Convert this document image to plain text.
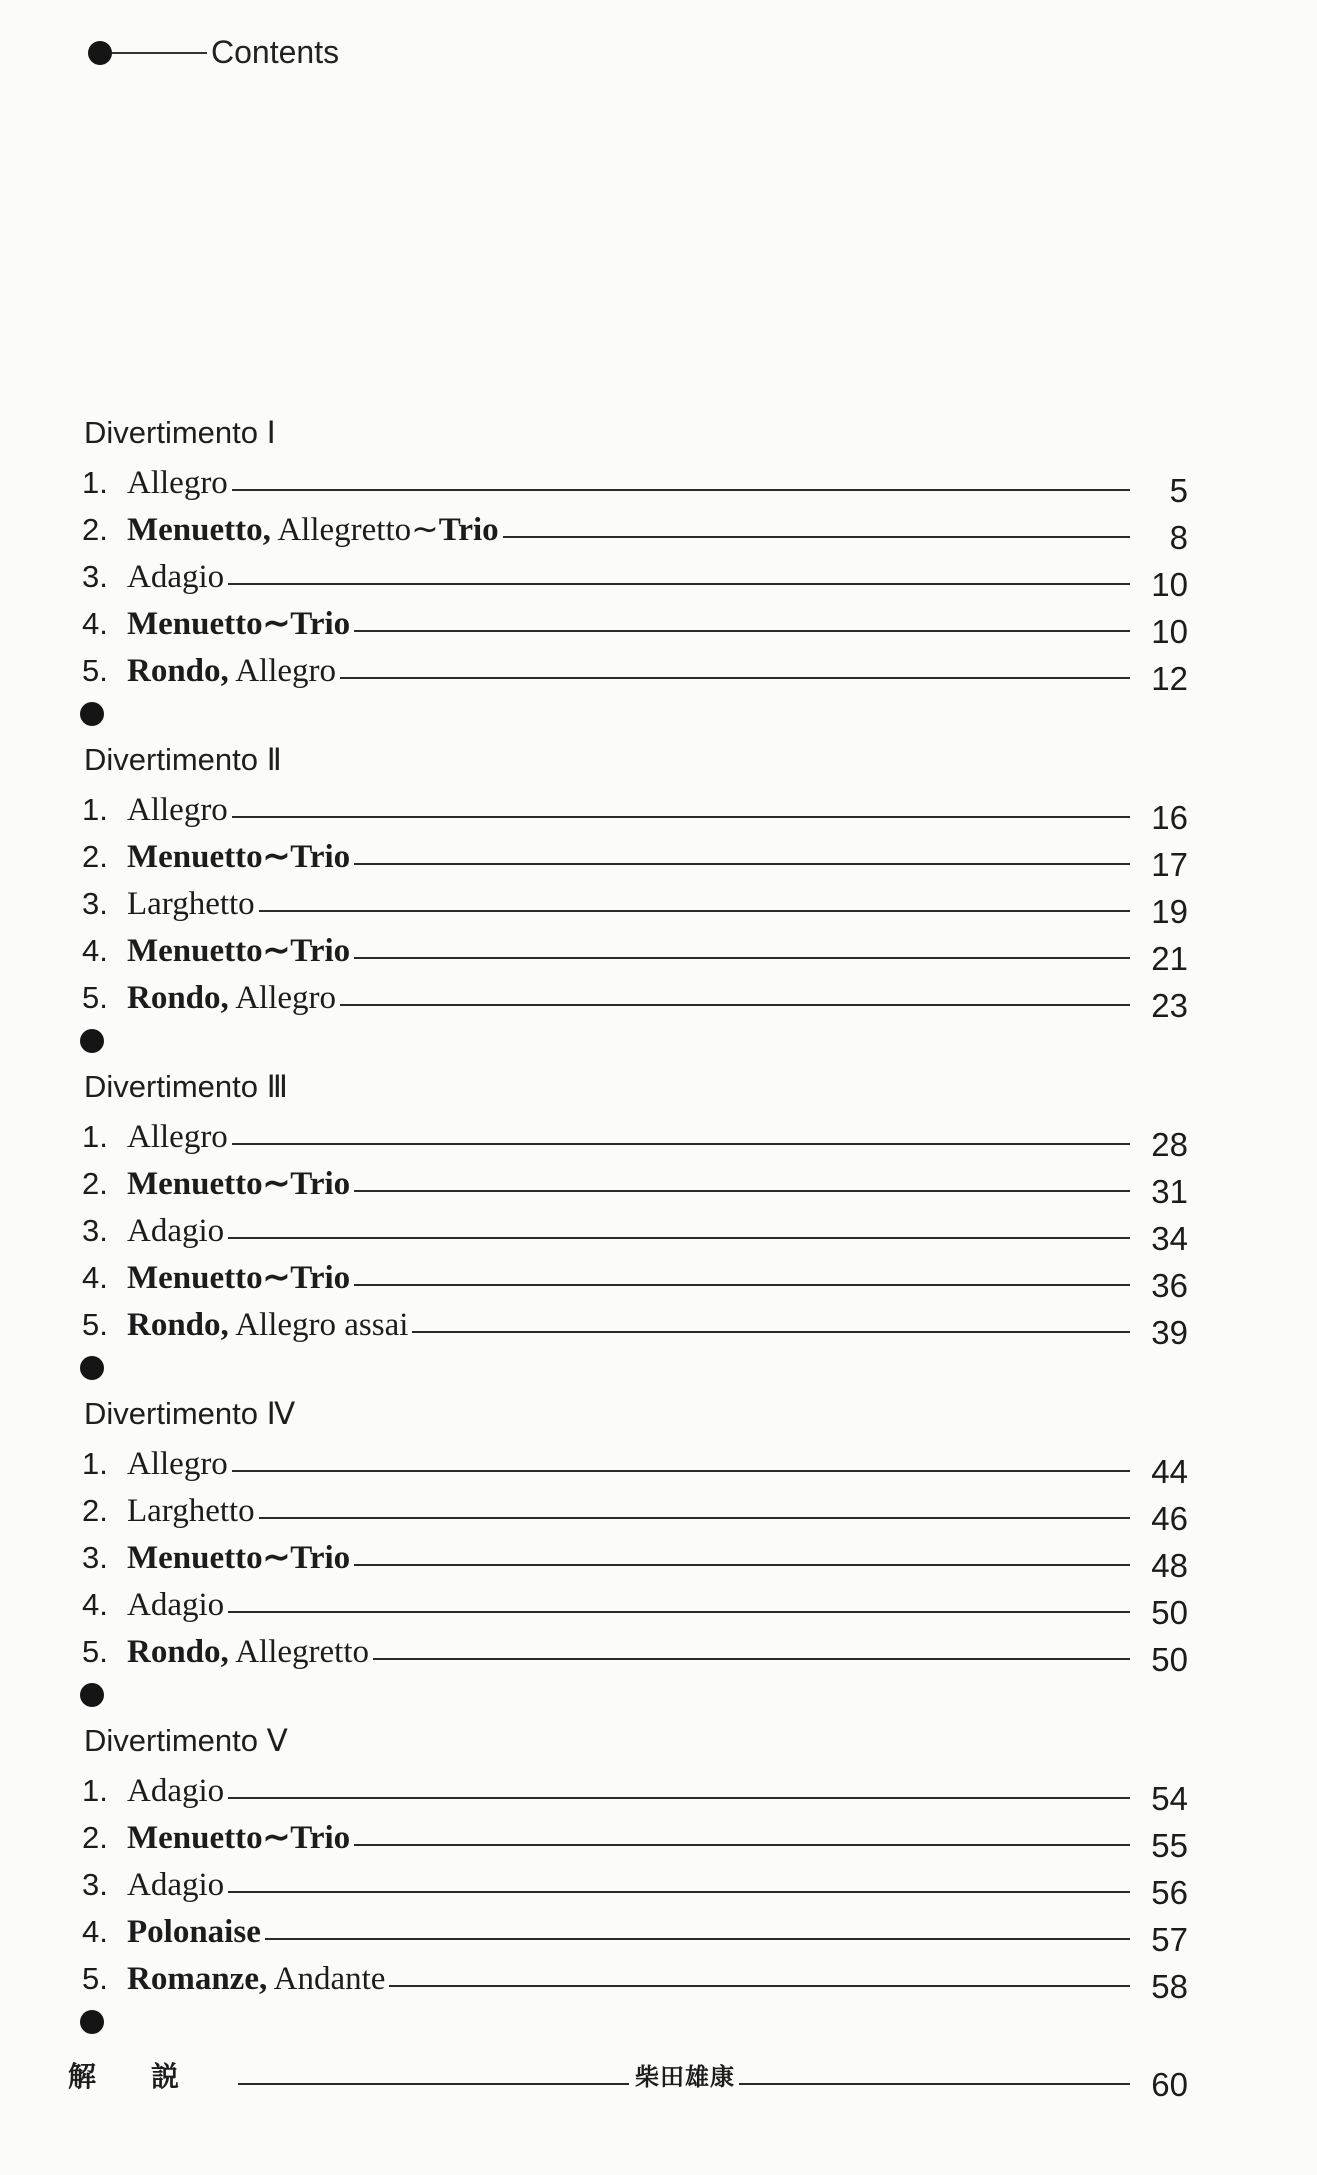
Contents
Divertimento Ⅰ
1. Allegro	5
2. Menuetto, Allegretto∼Trio	8
3. Adagio	10
4. Menuetto∼Trio	10
5. Rondo, Allegro	12
Divertimento Ⅱ
1. Allegro	16
2. Menuetto∼Trio	17
3. Larghetto	19
4. Menuetto∼Trio	21
5. Rondo, Allegro	23
Divertimento Ⅲ
1. Allegro	28
2. Menuetto∼Trio	31
3. Adagio	34
4. Menuetto∼Trio	36
5. Rondo, Allegro assai	39
Divertimento Ⅳ
1. Allegro	44
2. Larghetto	46
3. Menuetto∼Trio	48
4. Adagio	50
5. Rondo, Allegretto	50
Divertimento Ⅴ
1. Adagio	54
2. Menuetto∼Trio	55
3. Adagio	56
4. Polonaise	57
5. Romanze, Andante	58
解説	柴田雄康	60
